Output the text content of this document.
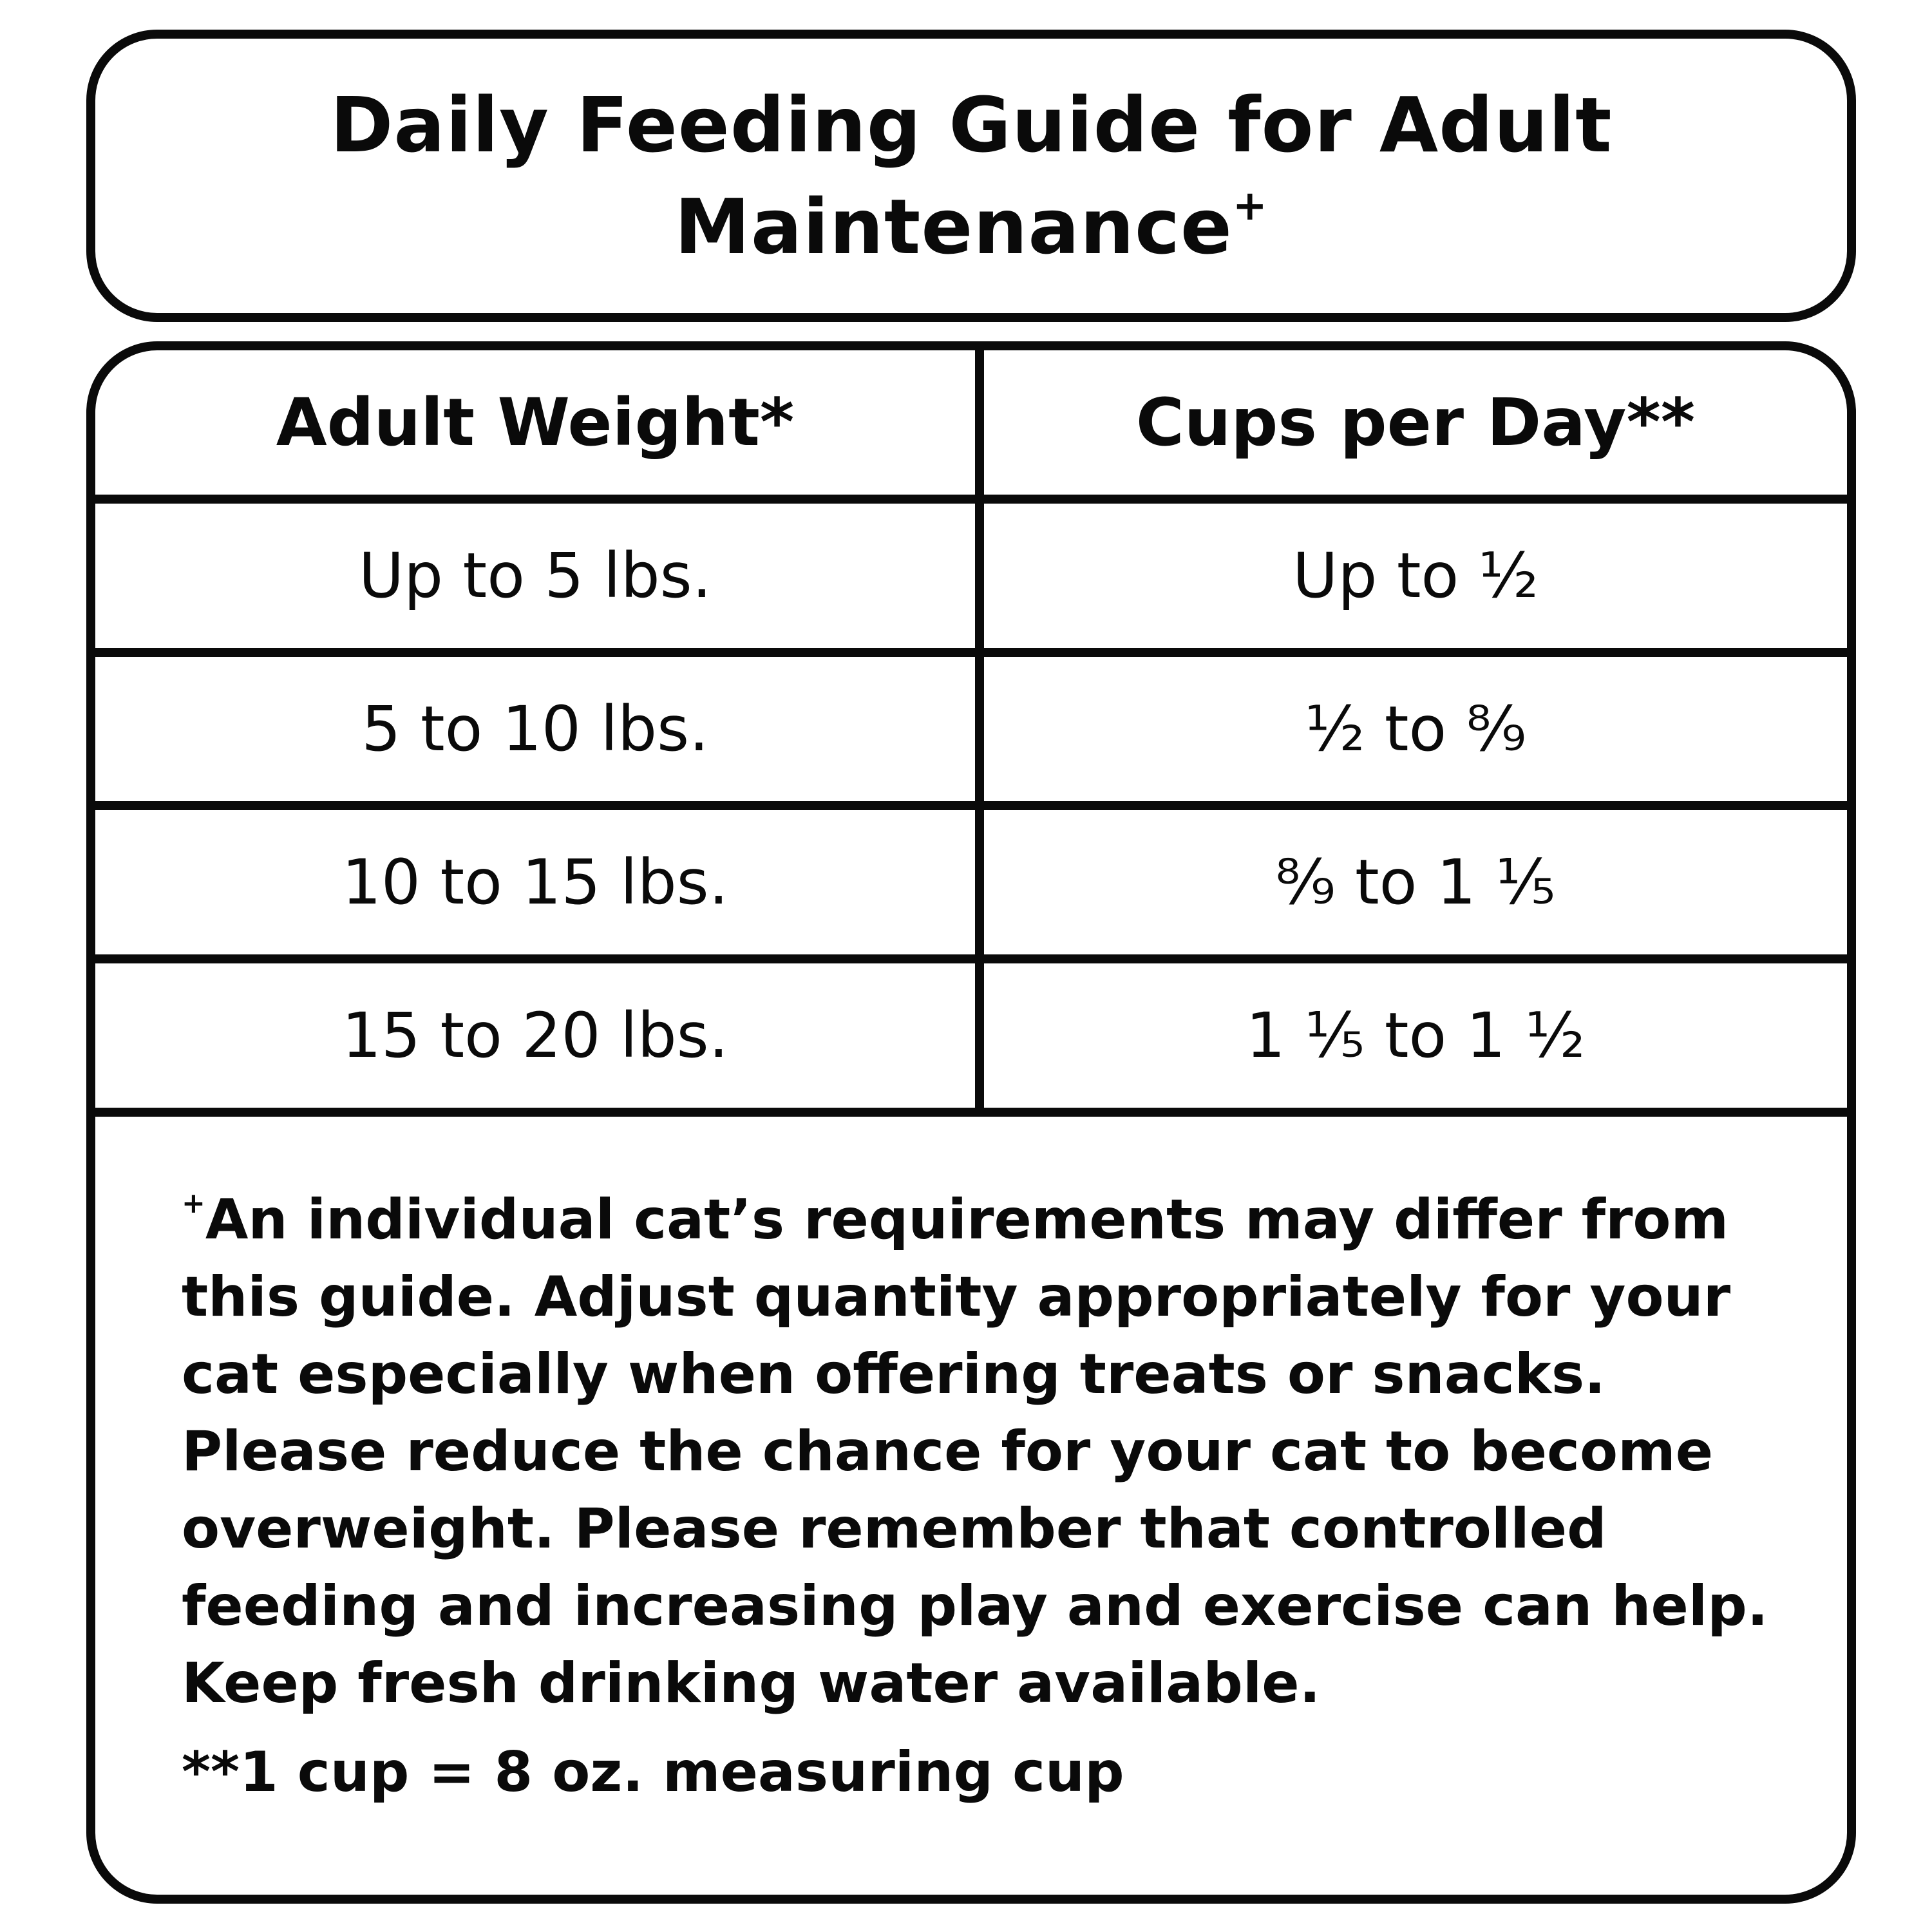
Daily Feeding Guide for Adult Maintenance+
Adult Weight*	Cups per Day**
Up to 5 lbs.	Up to ½
5 to 10 lbs.	½ to ⁸⁄₉
10 to 15 lbs.	⁸⁄₉ to 1 ⅕
15 to 20 lbs.	1 ⅕ to 1 ½

+An individual cat’s requirements may differ from this guide. Adjust quantity appropriately for your cat especially when offering treats or snacks. Please reduce the chance for your cat to become overweight. Please remember that controlled feeding and increasing play and exercise can help. Keep fresh drinking water available.

**1 cup = 8 oz. measuring cup
